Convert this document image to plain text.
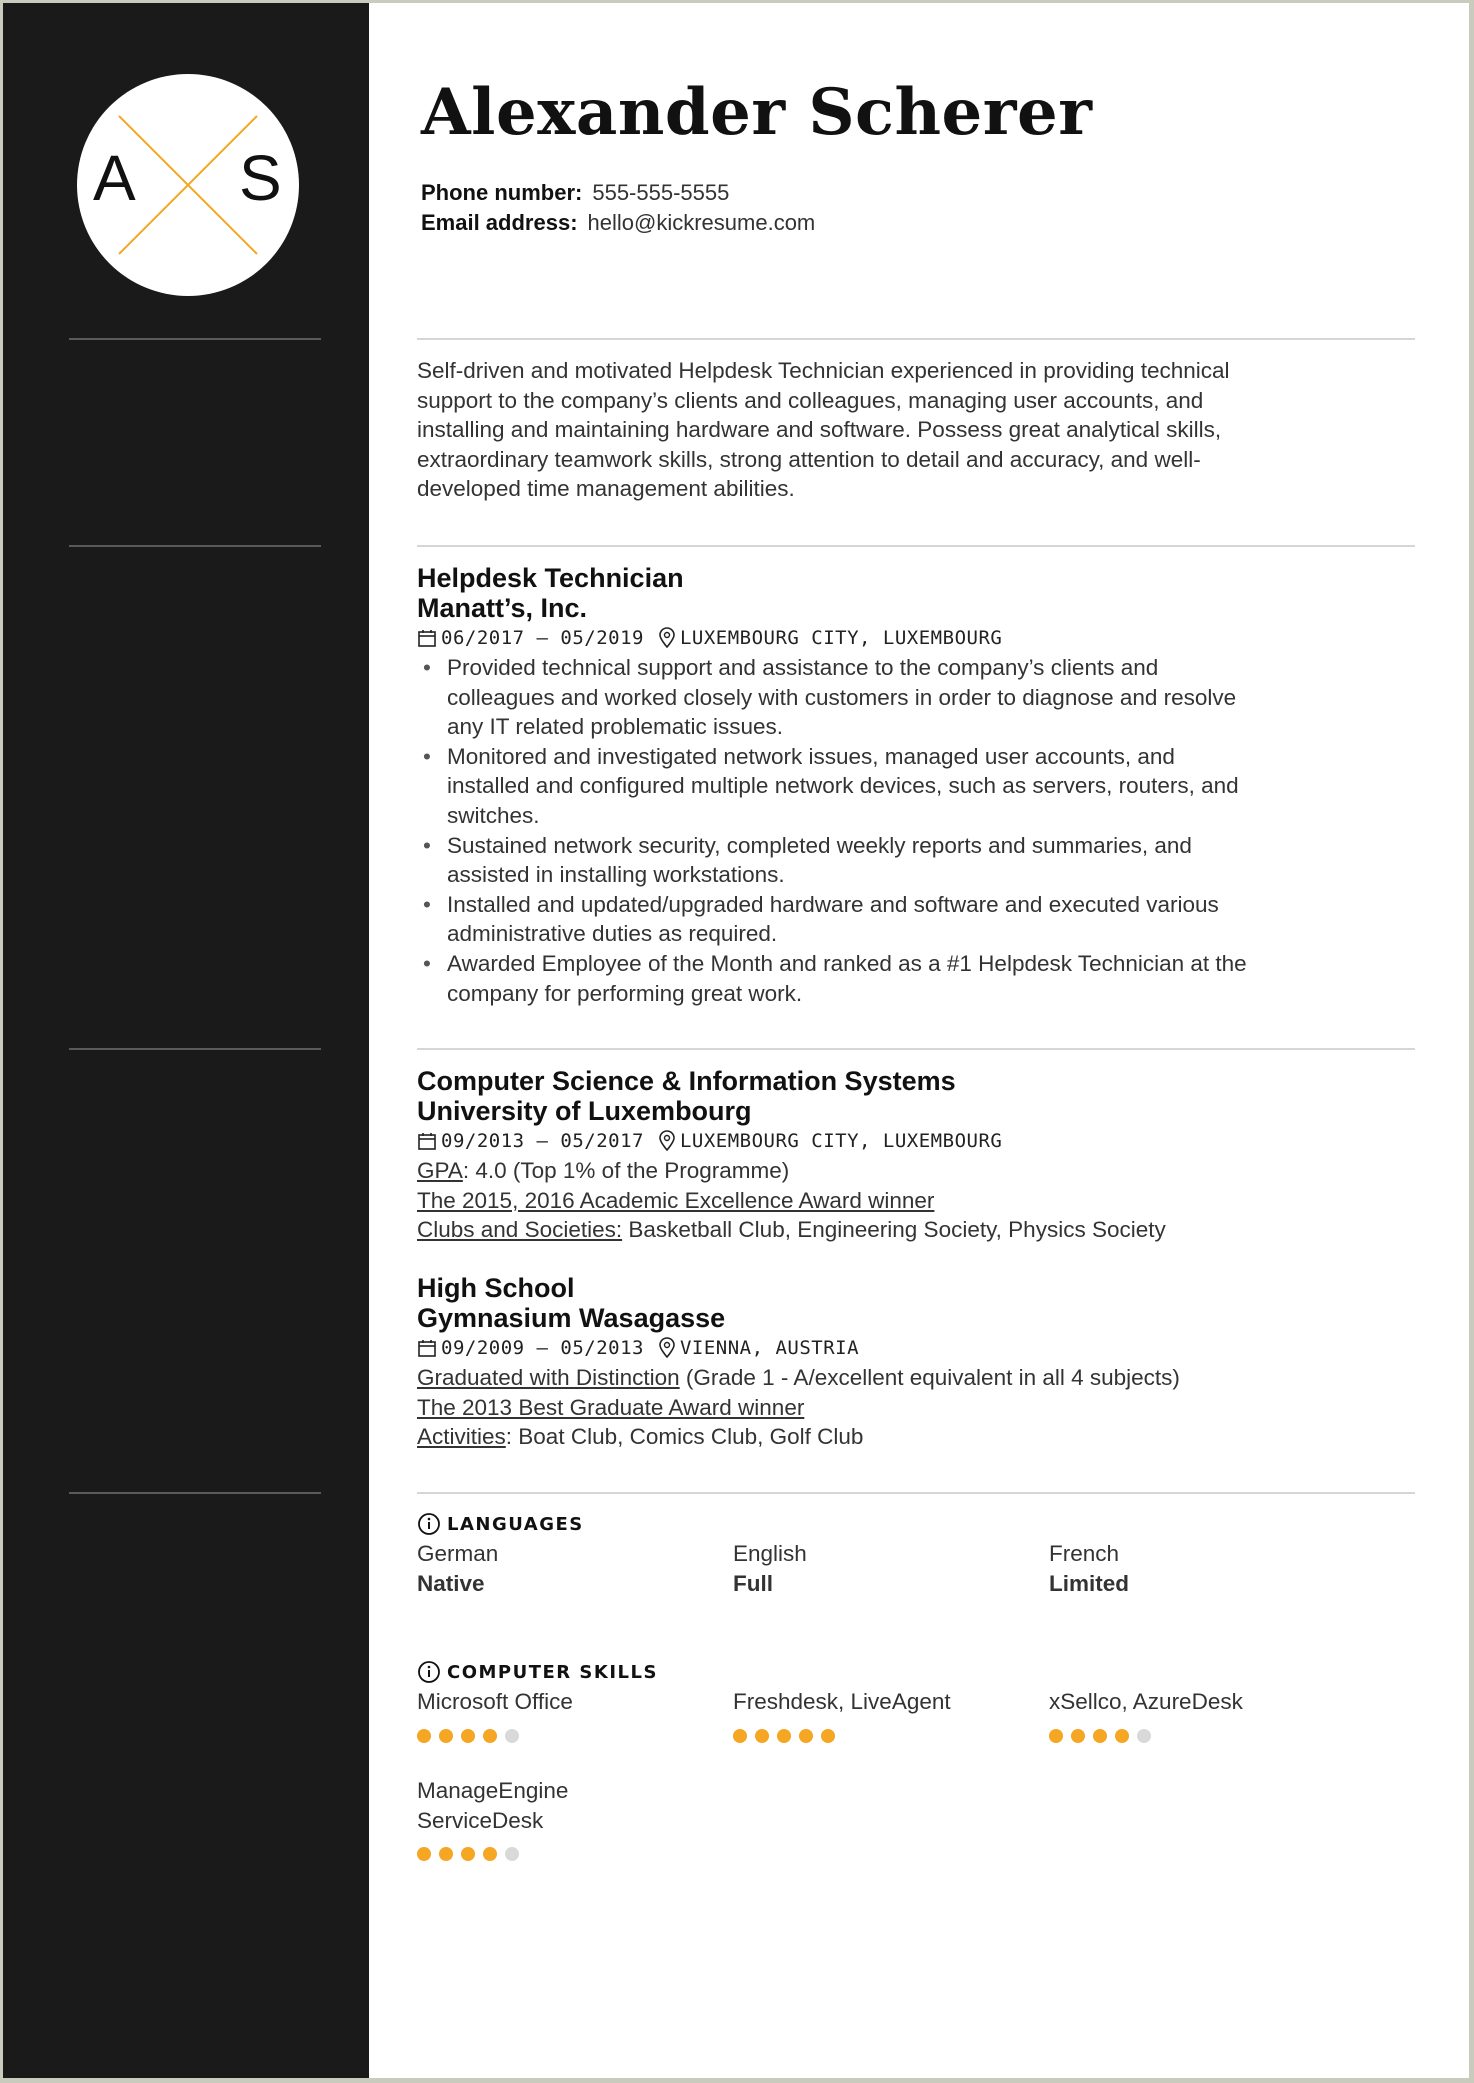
A S
Alexander Scherer
Phone number: 555-555-5555
Email address: hello@kickresume.com
Self-driven and motivated Helpdesk Technician experienced in providing technical
support to the company’s clients and colleagues, managing user accounts, and
installing and maintaining hardware and software. Possess great analytical skills,
extraordinary teamwork skills, strong attention to detail and accuracy, and well-
developed time management abilities.
Helpdesk Technician
Manatt’s, Inc.
06/2017 – 05/2019 LUXEMBOURG CITY, LUXEMBOURG
• Provided technical support and assistance to the company’s clients and
colleagues and worked closely with customers in order to diagnose and resolve
any IT related problematic issues.
• Monitored and investigated network issues, managed user accounts, and
installed and configured multiple network devices, such as servers, routers, and
switches.
• Sustained network security, completed weekly reports and summaries, and
assisted in installing workstations.
• Installed and updated/upgraded hardware and software and executed various
administrative duties as required.
• Awarded Employee of the Month and ranked as a #1 Helpdesk Technician at the
company for performing great work.
Computer Science & Information Systems
University of Luxembourg
09/2013 – 05/2017 LUXEMBOURG CITY, LUXEMBOURG
GPA: 4.0 (Top 1% of the Programme)
The 2015, 2016 Academic Excellence Award winner
Clubs and Societies: Basketball Club, Engineering Society, Physics Society
High School
Gymnasium Wasagasse
09/2009 – 05/2013 VIENNA, AUSTRIA
Graduated with Distinction (Grade 1 - A/excellent equivalent in all 4 subjects)
The 2013 Best Graduate Award winner
Activities: Boat Club, Comics Club, Golf Club
LANGUAGES
German
Native
English
Full
French
Limited
COMPUTER SKILLS
Microsoft Office	Freshdesk, LiveAgent	xSellco, AzureDesk
ManageEngine
ServiceDesk
